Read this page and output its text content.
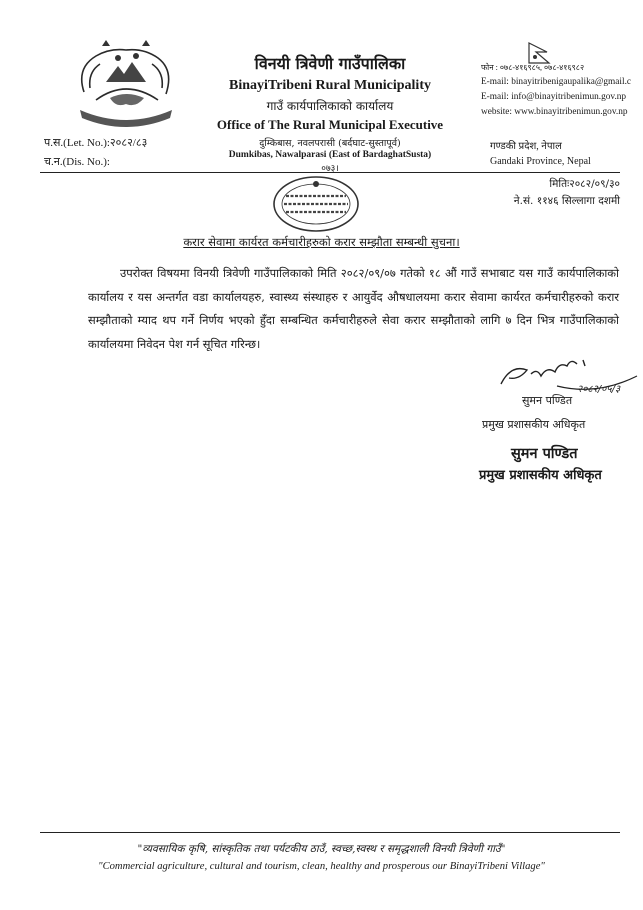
विनयी त्रिवेणी गाउँपालिका
BinayiTribeni Rural Municipality
गाउँ कार्यपालिकाको कार्यालय
Office of The Rural Municipal Executive
दुम्किबास, नवलपरासी (बर्दघाट-सुस्तापूर्व)
Dumkibas, Nawalparasi (East of BardaghatSusta)
०७३।
फोन : ०७८-४१६९८५, ०७८-४१६९८२
E-mail: binayitribenigaupalika@gmail.c
E-mail: info@binayitribenimun.gov.np
website: www.binayitribenimun.gov.np
प.स.(Let. No.):२०८२/८३
च.न.(Dis. No.):
गण्डकी प्रदेश, नेपाल
Gandaki Province, Nepal
मितिः२०८२/०९/३०
ने.सं. ११४६ सिल्लागा दशमी
करार सेवामा कार्यरत कर्मचारीहरुको करार सम्झौता सम्बन्धी सुचना।

उपरोक्त विषयमा विनयी त्रिवेणी गाउँपालिकाको मिति २०८२/०९/०७ गतेको १८ औं गाउँ सभाबाट यस गाउँ कार्यपालिकाको कार्यालय र यस अन्तर्गत वडा कार्यालयहरु, स्वास्थ्य संस्थाहरु र आयुर्वेद औषधालयमा करार सेवामा कार्यरत कर्मचारीहरुको करार सम्झौताको म्याद थप गर्ने निर्णय भएको हुँदा सम्बन्धित कर्मचारीहरुले सेवा करार सम्झौताको लागि ७ दिन भित्र गाउँपालिकाको कार्यालयमा निवेदन पेश गर्न सूचित गरिन्छ।

२०८२/०५/३
सुमन पण्डित
प्रमुख प्रशासकीय अधिकृत
सुमन पण्डित
प्रमुख प्रशासकीय अधिकृत
"व्यवसायिक कृषि, सांस्कृतिक तथा पर्यटकीय ठाउँ, स्वच्छ,स्वस्थ र समृद्धशाली विनयी त्रिवेणी गाउँ"
"Commercial agriculture, cultural and tourism, clean, healthy and prosperous our BinayiTribeni Village"
